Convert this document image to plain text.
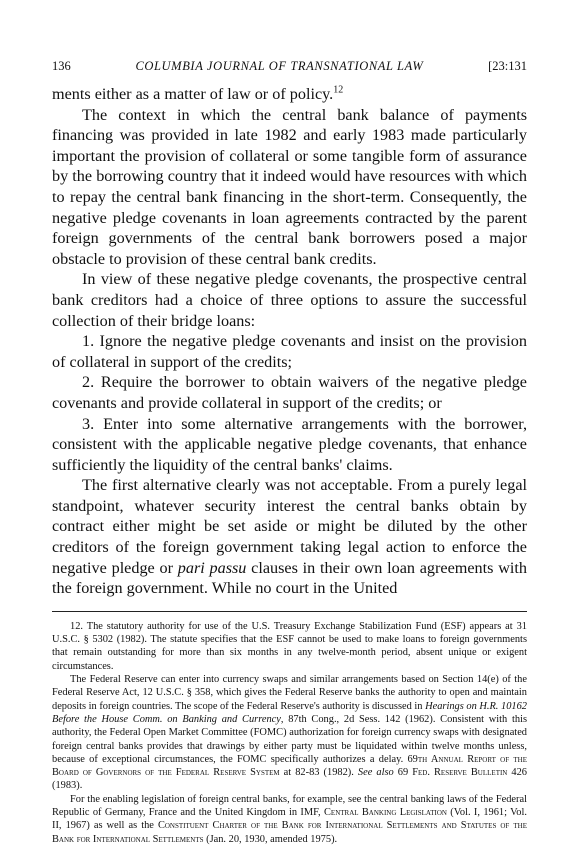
136	COLUMBIA JOURNAL OF TRANSNATIONAL LAW	[23:131

ments either as a matter of law or of policy.$^{12}$

The context in which the central bank balance of payments financing was provided in late 1982 and early 1983 made particularly important the provision of collateral or some tangible form of assurance by the borrowing country that it indeed would have resources with which to repay the central bank financing in the short-term. Consequently, the negative pledge covenants in loan agreements contracted by the parent foreign governments of the central bank borrowers posed a major obstacle to provision of these central bank credits.

In view of these negative pledge covenants, the prospective central bank creditors had a choice of three options to assure the successful collection of their bridge loans:

1. Ignore the negative pledge covenants and insist on the provision of collateral in support of the credits;

2. Require the borrower to obtain waivers of the negative pledge covenants and provide collateral in support of the credits; or

3. Enter into some alternative arrangements with the borrower, consistent with the applicable negative pledge covenants, that enhance sufficiently the liquidity of the central banks' claims.

The first alternative clearly was not acceptable. From a purely legal standpoint, whatever security interest the central banks obtain by contract either might be set aside or might be diluted by the other creditors of the foreign government taking legal action to enforce the negative pledge or pari passu clauses in their own loan agreements with the foreign government. While no court in the United

12. The statutory authority for use of the U.S. Treasury Exchange Stabilization Fund (ESF) appears at 31 U.S.C. § 5302 (1982). The statute specifies that the ESF cannot be used to make loans to foreign governments that remain outstanding for more than six months in any twelve-month period, absent unique or exigent circumstances.

The Federal Reserve can enter into currency swaps and similar arrangements based on Section 14(e) of the Federal Reserve Act, 12 U.S.C. § 358, which gives the Federal Reserve banks the authority to open and maintain deposits in foreign countries. The scope of the Federal Reserve's authority is discussed in Hearings on H.R. 10162 Before the House Comm. on Banking and Currency, 87th Cong., 2d Sess. 142 (1962). Consistent with this authority, the Federal Open Market Committee (FOMC) authorization for foreign currency swaps with designated foreign central banks provides that drawings by either party must be liquidated within twelve months unless, because of exceptional circumstances, the FOMC specifically authorizes a delay. 69th Annual Report of the Board of Governors of the Federal Reserve System at 82-83 (1982). See also 69 Fed. Reserve Bulletin 426 (1983).

For the enabling legislation of foreign central banks, for example, see the central banking laws of the Federal Republic of Germany, France and the United Kingdom in IMF, Central Banking Legislation (Vol. I, 1961; Vol. II, 1967) as well as the Constituent Charter of the Bank for International Settlements and Statutes of the Bank for International Settlements (Jan. 20, 1930, amended 1975).
